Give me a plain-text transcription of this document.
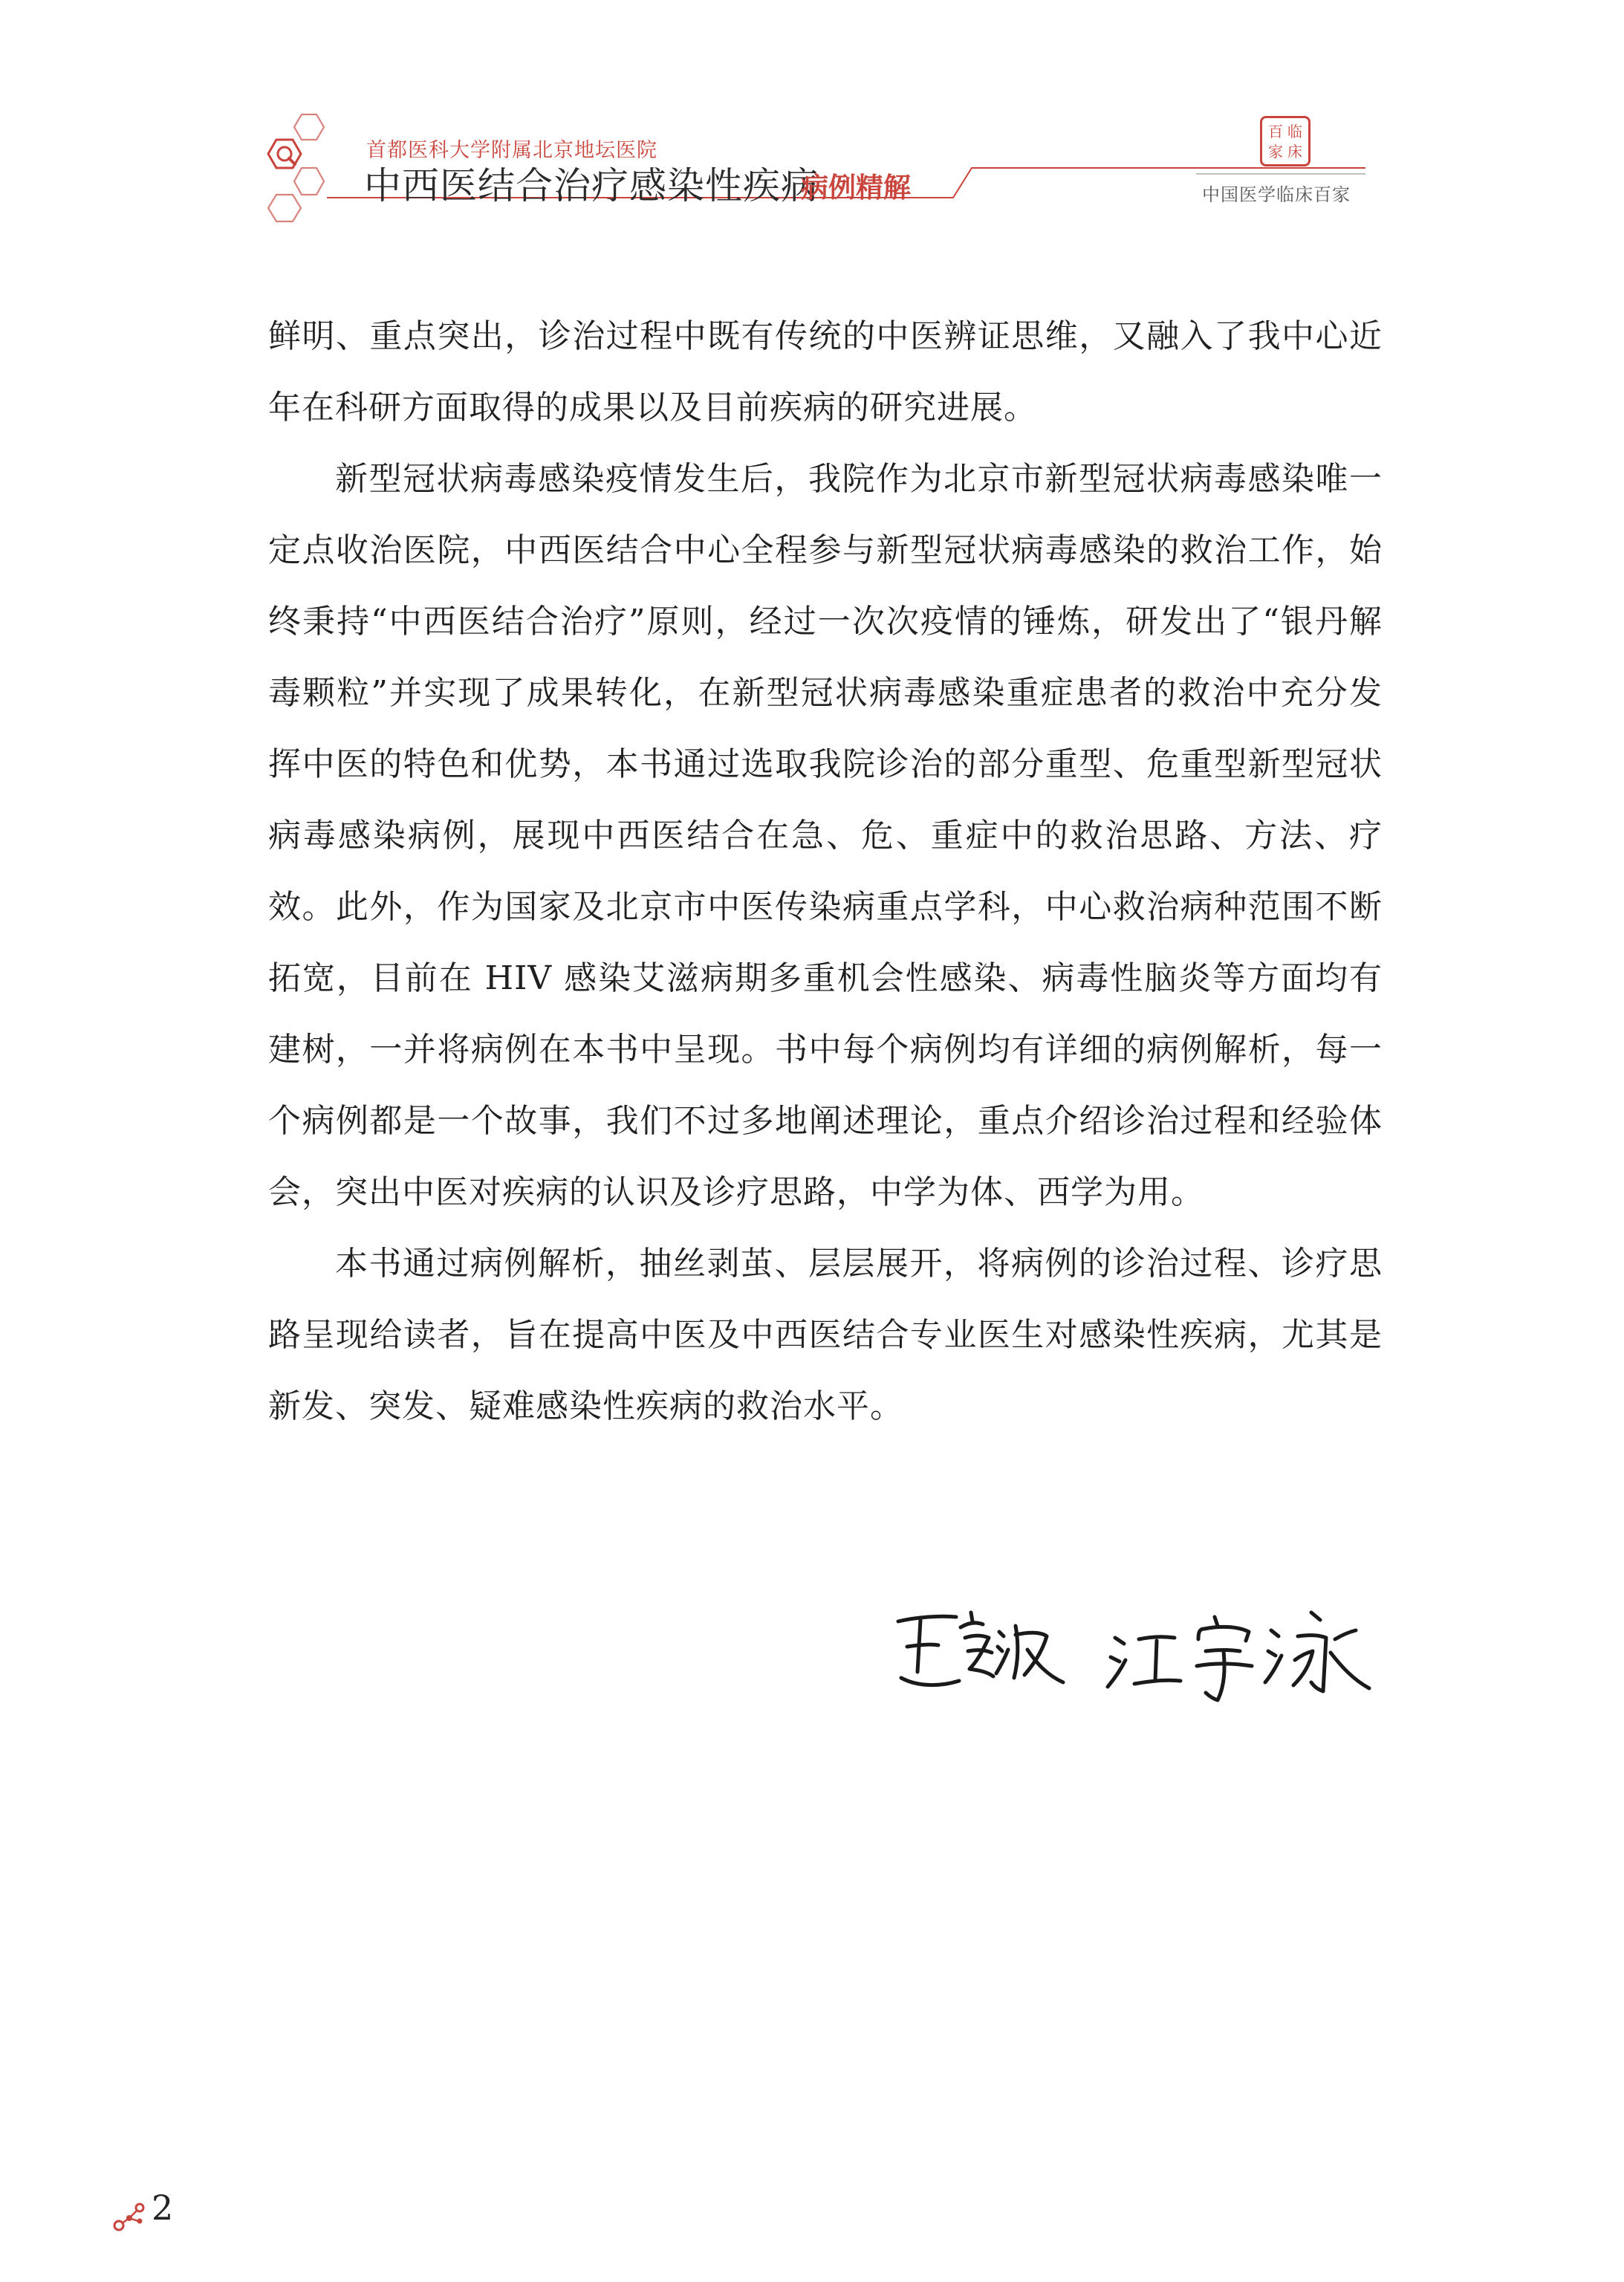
首都医科大学附属北京地坛医院
中西医结合治疗感染性疾病
病例精解
百 临
家 床
中国医学临床百家

鲜明、重点突出，诊治过程中既有传统的中医辨证思维，又融入了我中心近年在科研方面取得的成果以及目前疾病的研究进展。

新型冠状病毒感染疫情发生后，我院作为北京市新型冠状病毒感染唯一定点收治医院，中西医结合中心全程参与新型冠状病毒感染的救治工作，始终秉持“中西医结合治疗”原则，经过一次次疫情的锤炼，研发出了“银丹解毒颗粒”并实现了成果转化，在新型冠状病毒感染重症患者的救治中充分发挥中医的特色和优势，本书通过选取我院诊治的部分重型、危重型新型冠状病毒感染病例，展现中西医结合在急、危、重症中的救治思路、方法、疗效。此外，作为国家及北京市中医传染病重点学科，中心救治病种范围不断拓宽，目前在 HIV 感染艾滋病期多重机会性感染、病毒性脑炎等方面均有建树，一并将病例在本书中呈现。书中每个病例均有详细的病例解析，每一个病例都是一个故事，我们不过多地阐述理论，重点介绍诊治过程和经验体会，突出中医对疾病的认识及诊疗思路，中学为体、西学为用。

本书通过病例解析，抽丝剥茧、层层展开，将病例的诊治过程、诊疗思路呈现给读者，旨在提高中医及中西医结合专业医生对感染性疾病，尤其是新发、突发、疑难感染性疾病的救治水平。

2
